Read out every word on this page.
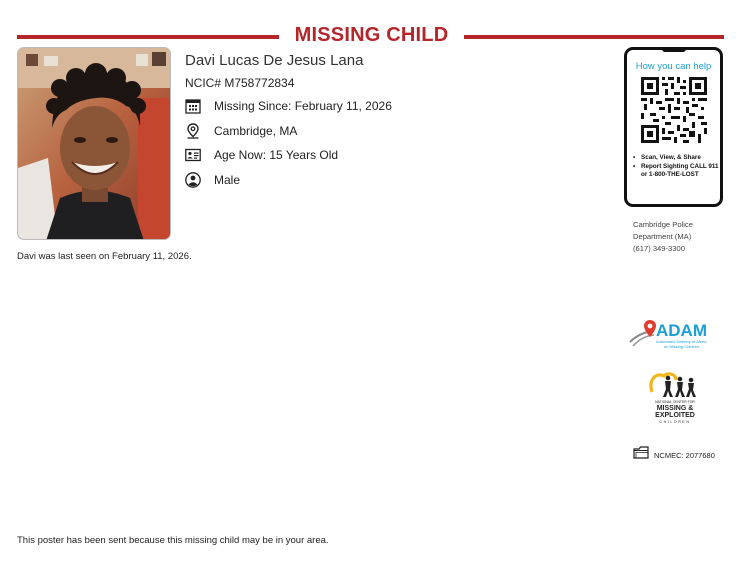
MISSING CHILD
Davi Lucas De Jesus Lana
NCIC# M758772834
Missing Since: February 11, 2026
Cambridge, MA
Age Now: 15 Years Old
Male
Davi was last seen on February 11, 2026.
How you can help
• Scan, View, & Share
• Report Sighting CALL 911 or 1-800-THE-LOST
Cambridge Police Department (MA)
(617) 349-3300
ADAM
Automated Delivery of Alerts
on Missing Children
NATIONAL CENTER FOR
MISSING &
EXPLOITED
CHILDREN
NCMEC: 2077680
This poster has been sent because this missing child may be in your area.
